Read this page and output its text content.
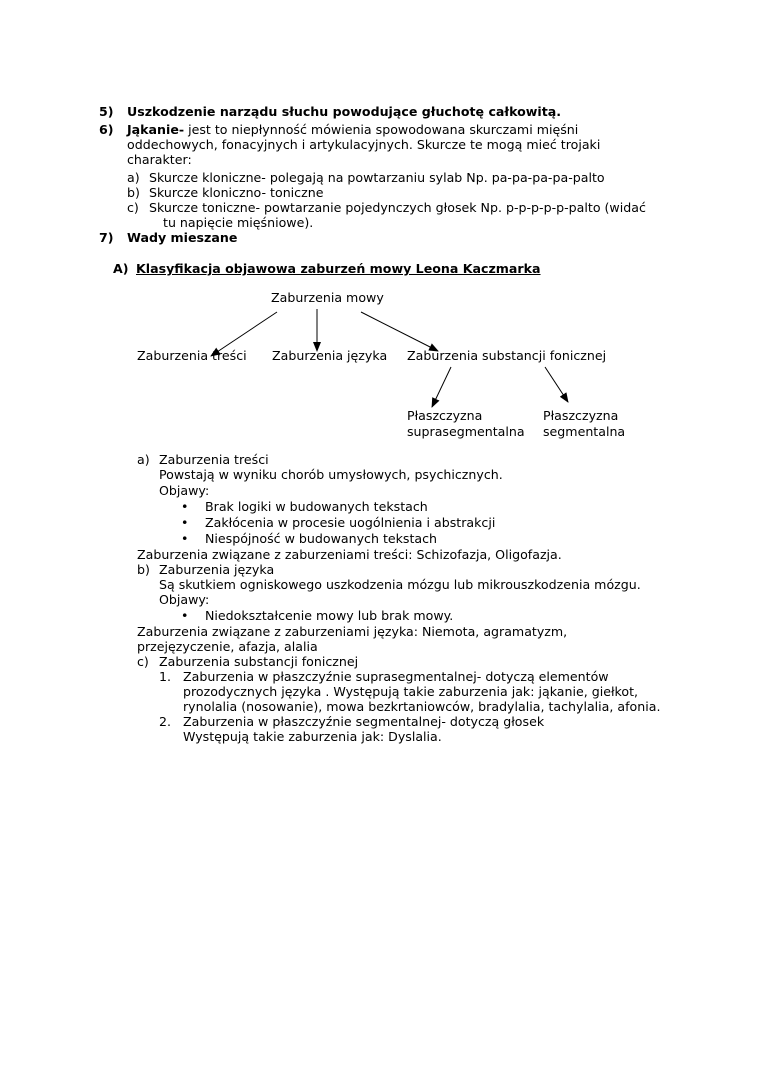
5) Uszkodzenie narządu słuchu powodujące głuchotę całkowitą.
6) Jąkanie- jest to niepłynność mówienia spowodowana skurczami mięśni
oddechowych, fonacyjnych i artykulacyjnych. Skurcze te mogą mieć trojaki
charakter:
a) Skurcze kloniczne- polegają na powtarzaniu sylab Np. pa-pa-pa-pa-palto
b) Skurcze kloniczno- toniczne
c) Skurcze toniczne- powtarzanie pojedynczych głosek Np. p-p-p-p-p-palto (widać
tu napięcie mięśniowe).
7) Wady mieszane
A) Klasyfikacja objawowa zaburzeń mowy Leona Kaczmarka
Zaburzenia mowy
Zaburzenia treści Zaburzenia języka Zaburzenia substancji fonicznej
Płaszczyzna
suprasegmentalna
Płaszczyzna
segmentalna
a) Zaburzenia treści
Powstają w wyniku chorób umysłowych, psychicznych.
Objawy:
• Brak logiki w budowanych tekstach
• Zakłócenia w procesie uogólnienia i abstrakcji
• Niespójność w budowanych tekstach
Zaburzenia związane z zaburzeniami treści: Schizofazja, Oligofazja.
b) Zaburzenia języka
Są skutkiem ogniskowego uszkodzenia mózgu lub mikrouszkodzenia mózgu.
Objawy:
• Niedokształcenie mowy lub brak mowy.
Zaburzenia związane z zaburzeniami języka: Niemota, agramatyzm,
przejęzyczenie, afazja, alalia
c) Zaburzenia substancji fonicznej
1. Zaburzenia w płaszczyźnie suprasegmentalnej- dotyczą elementów
prozodycznych języka . Występują takie zaburzenia jak: jąkanie, giełkot,
rynolalia (nosowanie), mowa bezkrtaniowców, bradylalia, tachylalia, afonia.
2. Zaburzenia w płaszczyźnie segmentalnej- dotyczą głosek
Występują takie zaburzenia jak: Dyslalia.
